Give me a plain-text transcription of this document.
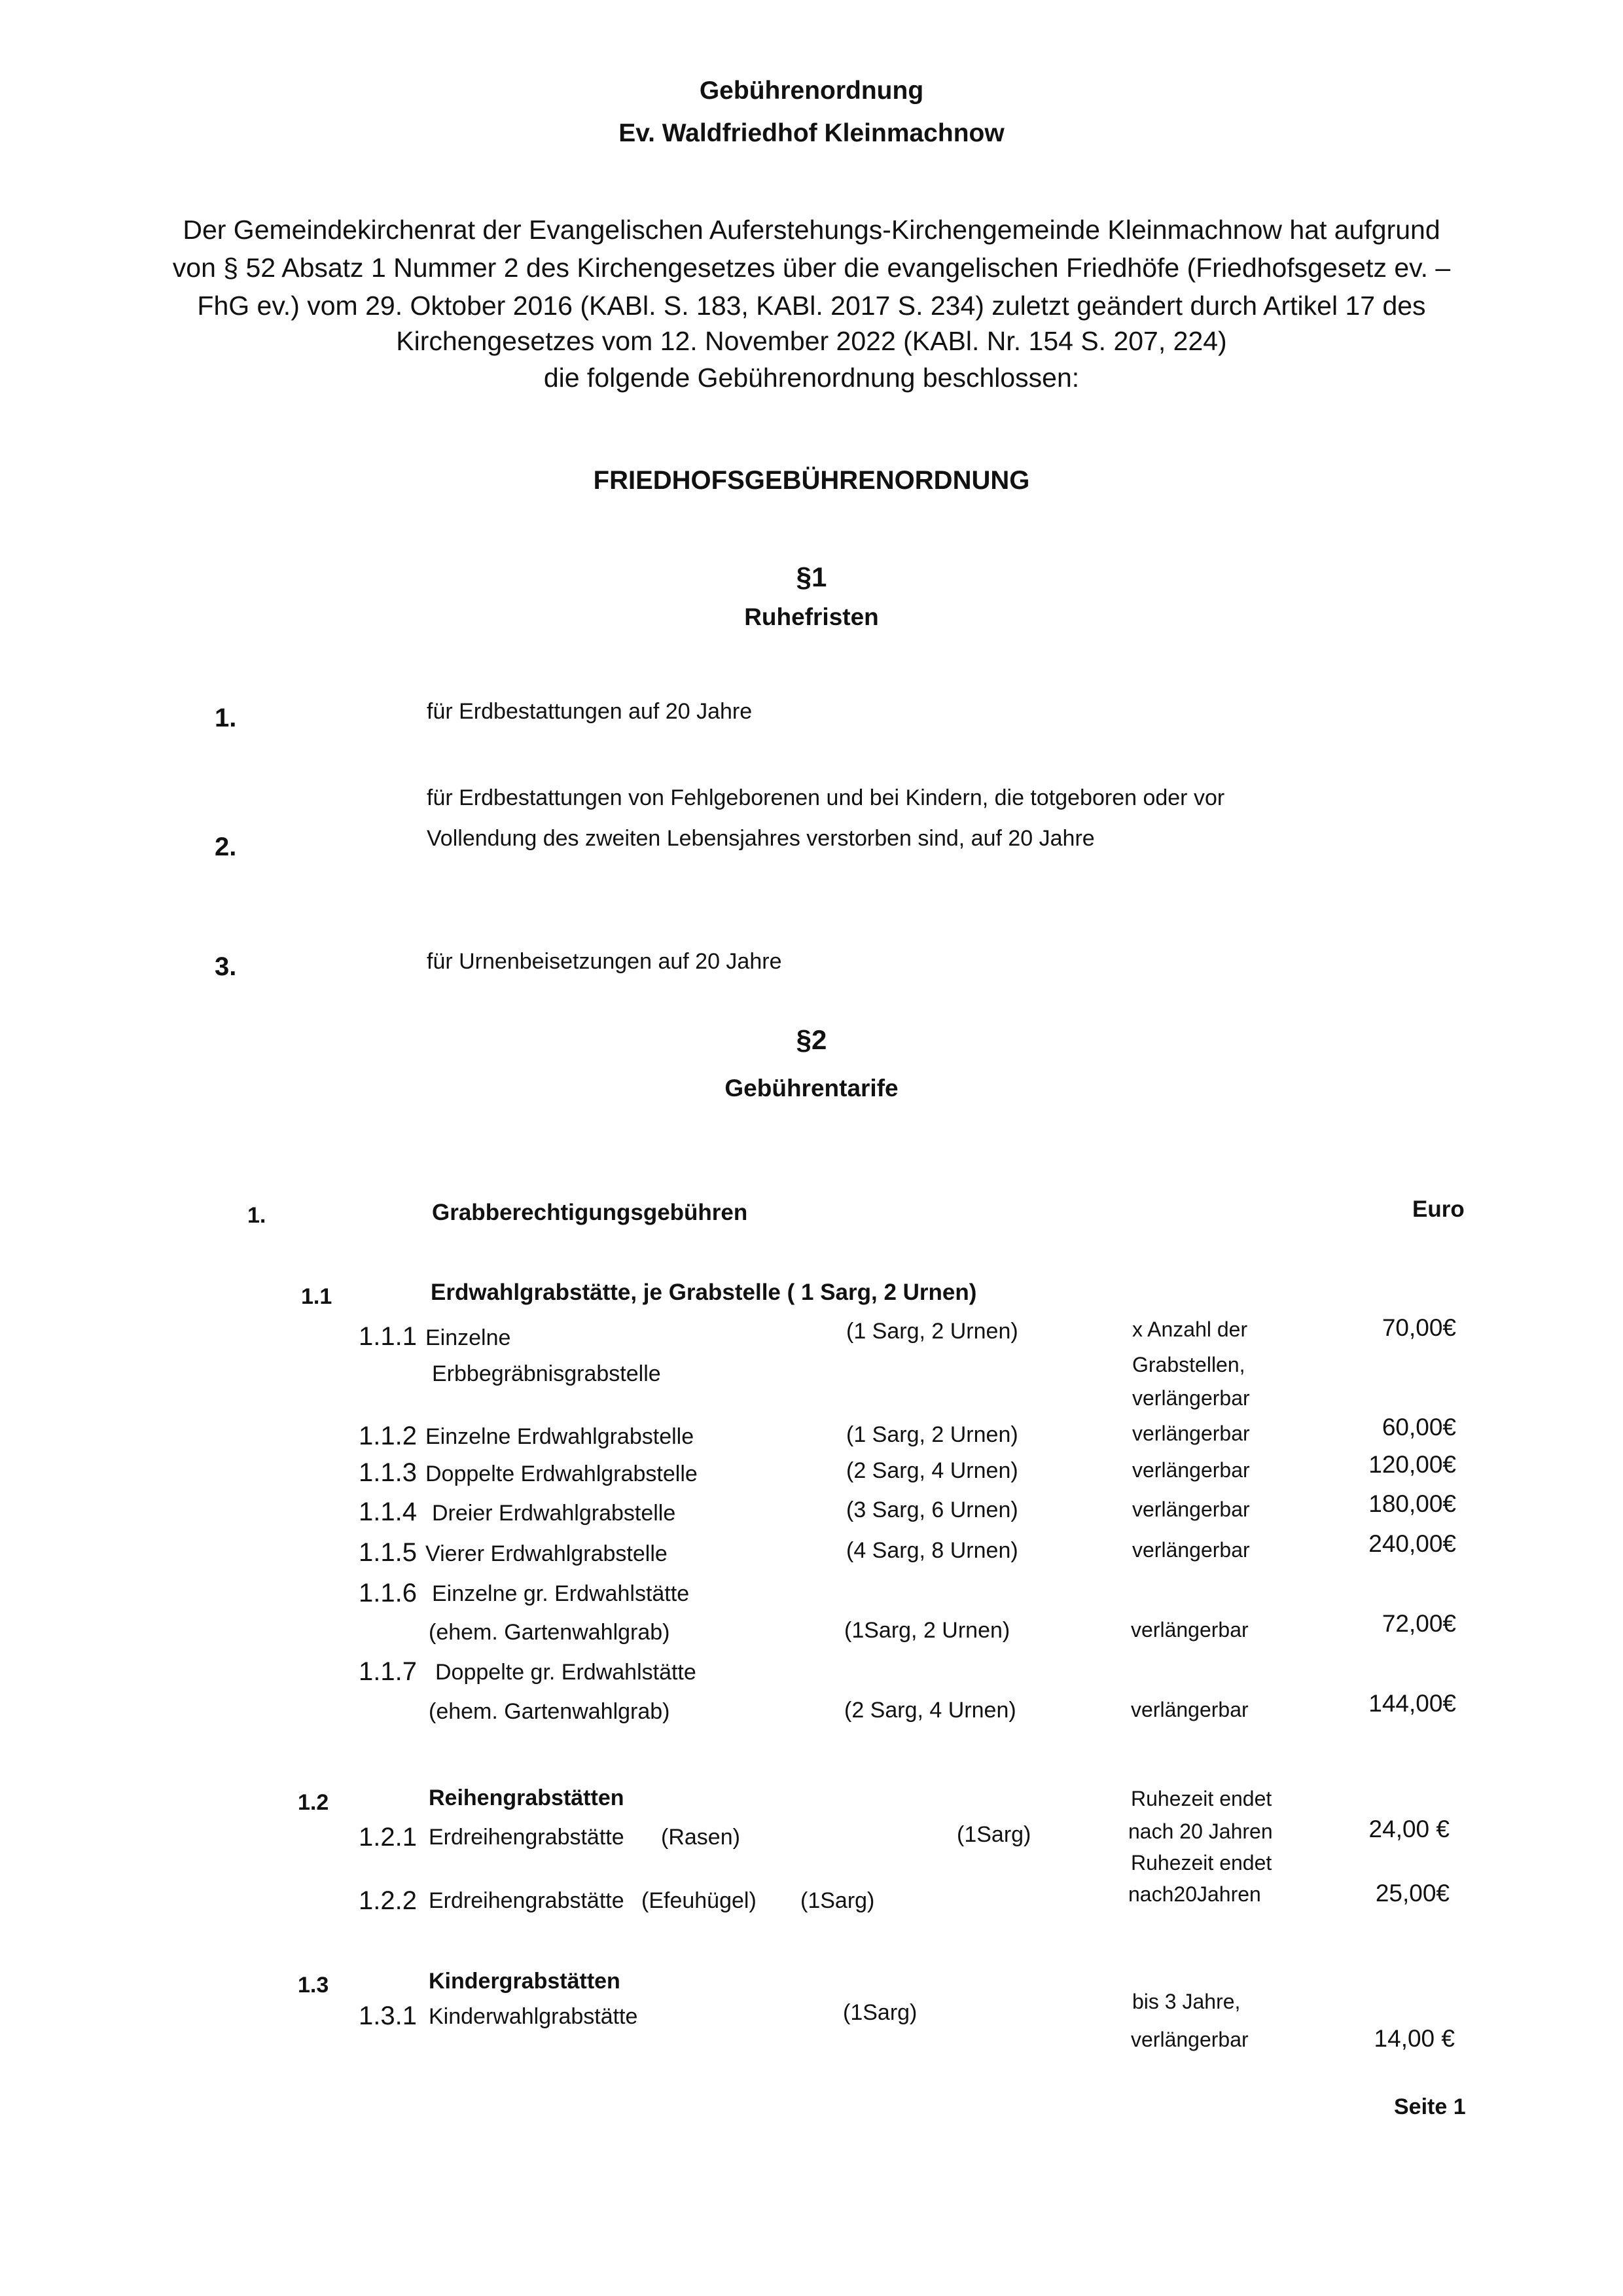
Gebührenordnung
Ev. Waldfriedhof Kleinmachnow
Der Gemeindekirchenrat der Evangelischen Auferstehungs-Kirchengemeinde Kleinmachnow hat aufgrund
von § 52 Absatz 1 Nummer 2 des Kirchengesetzes über die evangelischen Friedhöfe (Friedhofsgesetz ev. –
FhG ev.) vom 29. Oktober 2016 (KABl. S. 183, KABl. 2017 S. 234) zuletzt geändert durch Artikel 17 des
Kirchengesetzes vom 12. November 2022 (KABl. Nr. 154 S. 207, 224)
die folgende Gebührenordnung beschlossen:
FRIEDHOFSGEBÜHRENORDNUNG
§1
Ruhefristen
1.	für Erdbestattungen auf 20 Jahre
für Erdbestattungen von Fehlgeborenen und bei Kindern, die totgeboren oder vor
2.	Vollendung des zweiten Lebensjahres verstorben sind, auf 20 Jahre
3.	für Urnenbeisetzungen auf 20 Jahre
§2
Gebührentarife
1.	Grabberechtigungsgebühren	Euro
1.1	Erdwahlgrabstätte, je Grabstelle ( 1 Sarg, 2 Urnen)
1.1.1 Einzelne
Erbbegräbnisgrabstelle
(1 Sarg, 2 Urnen)	x Anzahl der
Grabstellen,
verlängerbar
70,00€
1.1.2 Einzelne Erdwahlgrabstelle	(1 Sarg, 2 Urnen)	verlängerbar	60,00€
1.1.3 Doppelte Erdwahlgrabstelle	(2 Sarg, 4 Urnen)	verlängerbar	120,00€
1.1.4 Dreier Erdwahlgrabstelle	(3 Sarg, 6 Urnen)	verlängerbar	180,00€
1.1.5 Vierer Erdwahlgrabstelle	(4 Sarg, 8 Urnen)	verlängerbar	240,00€
1.1.6 Einzelne gr. Erdwahlstätte
(ehem. Gartenwahlgrab)	(1Sarg, 2 Urnen)	verlängerbar	72,00€
1.1.7 Doppelte gr. Erdwahlstätte
(ehem. Gartenwahlgrab)	(2 Sarg, 4 Urnen)	verlängerbar	144,00€
1.2	Reihengrabstätten
1.2.1 Erdreihengrabstätte (Rasen)	(1Sarg)
Ruhezeit endet
nach 20 Jahren	24,00 €
1.2.2 Erdreihengrabstätte (Efeuhügel) (1Sarg)
Ruhezeit endet
nach20Jahren	25,00€
1.3	Kindergrabstätten
1.3.1 Kinderwahlgrabstätte	(1Sarg)	bis 3 Jahre,
verlängerbar	14,00 €
Seite 1
